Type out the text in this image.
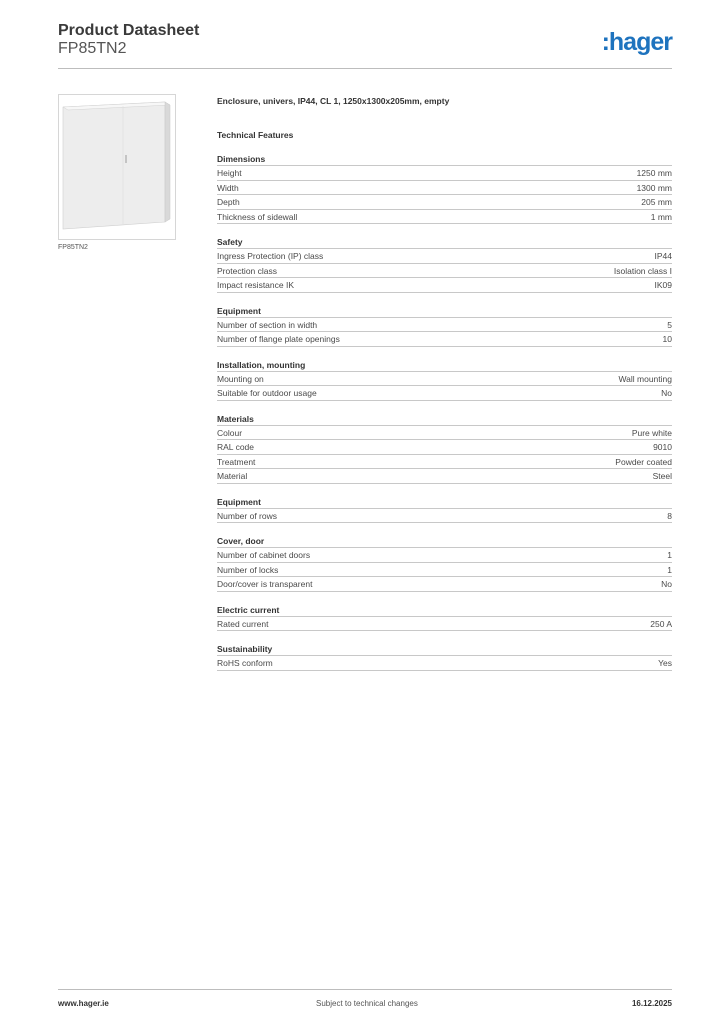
Product Datasheet
FP85TN2	:hager
FP85TN2
Enclosure, univers, IP44, CL 1, 1250x1300x205mm, empty
Technical Features
Dimensions
Height	1250 mm
Width	1300 mm
Depth	205 mm
Thickness of sidewall	1 mm
Safety
Ingress Protection (IP) class	IP44
Protection class	Isolation class I
Impact resistance IK	IK09
Equipment
Number of section in width	5
Number of flange plate openings	10
Installation, mounting
Mounting on	Wall mounting
Suitable for outdoor usage	No
Materials
Colour	Pure white
RAL code	9010
Treatment	Powder coated
Material	Steel
Equipment
Number of rows	8
Cover, door
Number of cabinet doors	1
Number of locks	1
Door/cover is transparent	No
Electric current
Rated current	250 A
Sustainability
RoHS conform	Yes
www.hager.ie	Subject to technical changes	16.12.2025
